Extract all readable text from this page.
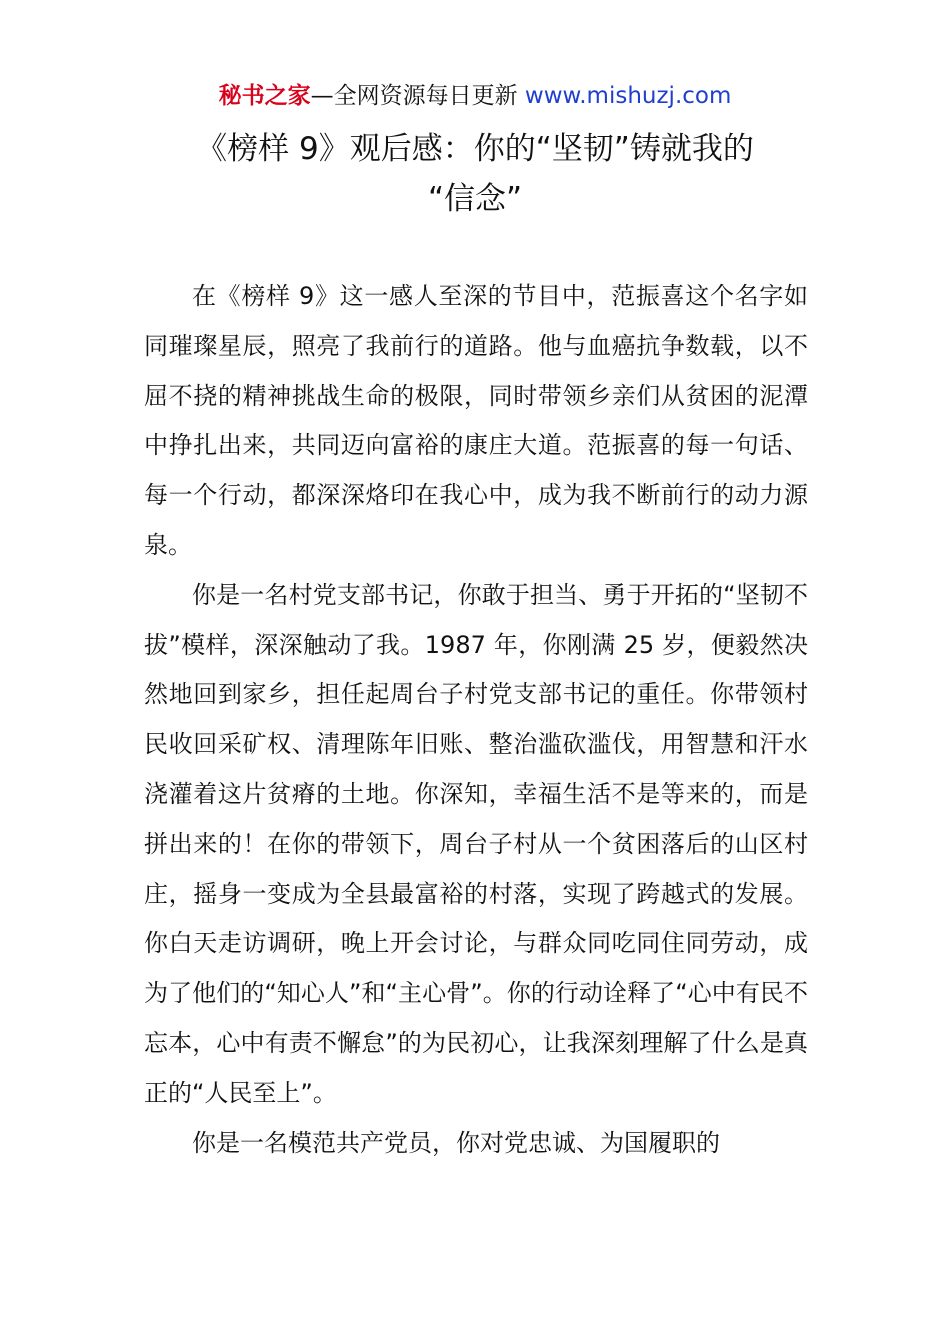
秘书之家—全网资源每日更新 www.mishuzj.com
《榜样 9》观后感：你的“坚韧”铸就我的
“信念”

在《榜样 9》这一感人至深的节目中，范振喜这个名字如同璀璨星辰，照亮了我前行的道路。他与血癌抗争数载，以不屈不挠的精神挑战生命的极限，同时带领乡亲们从贫困的泥潭中挣扎出来，共同迈向富裕的康庄大道。范振喜的每一句话、每一个行动，都深深烙印在我心中，成为我不断前行的动力源泉。

你是一名村党支部书记，你敢于担当、勇于开拓的“坚韧不拔”模样，深深触动了我。1987 年，你刚满 25 岁，便毅然决然地回到家乡，担任起周台子村党支部书记的重任。你带领村民收回采矿权、清理陈年旧账、整治滥砍滥伐，用智慧和汗水浇灌着这片贫瘠的土地。你深知，幸福生活不是等来的，而是拼出来的！在你的带领下，周台子村从一个贫困落后的山区村庄，摇身一变成为全县最富裕的村落，实现了跨越式的发展。你白天走访调研，晚上开会讨论，与群众同吃同住同劳动，成为了他们的“知心人”和“主心骨”。你的行动诠释了“心中有民不忘本，心中有责不懈怠”的为民初心，让我深刻理解了什么是真正的“人民至上”。

你是一名模范共产党员，你对党忠诚、为国履职的
